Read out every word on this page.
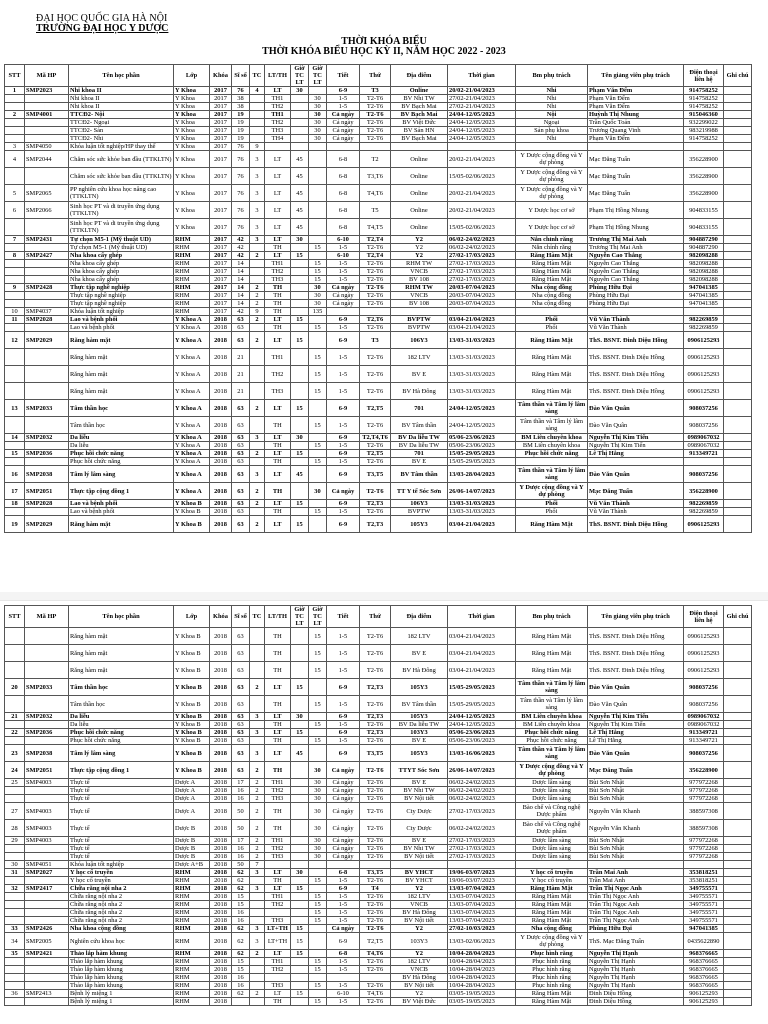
ĐẠI HỌC QUỐC GIA HÀ NỘI
TRƯỜNG ĐẠI HỌC Y DƯỢC
THỜI KHÓA BIỂU
THỜI KHÓA BIỂU HỌC KỲ II, NĂM HỌC 2022 - 2023
STT	Mã HP	Tên học phần	Lớp	Khóa	Sĩ số	TC	LT/TH	Giờ TC LT	Giờ TC LT	Tiết	Thứ	Địa điểm	Thời gian	Bm phụ trách	Tên giảng viên phụ trách	Điện thoại liên hệ	Ghi chú
1	SMP2023	Nhi khoa II	Y Khoa	2017	76	4	LT	30		6-9	T3	Online	20/02-21/04/2023	Nhi	Phạm Văn Đếm	914758252	
		Nhi khoa II	Y Khoa	2017	38		TH1		30	1-5	T2-T6	BV Nhi TW	27/02-21/04/2023	Nhi	Phạm Văn Đếm	914758252	
		Nhi khoa II	Y Khoa	2017	38		TH2		30	1-5	T2-T6	BV Bạch Mai	27/02-21/04/2023	Nhi	Phạm Văn Đếm	914758252	
2	SMP4001	TTCĐ2- Nội	Y Khoa	2017	19		TH1		30	Cả ngày	T2-T6	BV Bạch Mai	24/04-12/05/2023	Nội	Huỳnh Thị Nhung	915046360	
		TTCĐ2- Ngoại	Y Khoa	2017	19		TH2		30	Cả ngày	T2-T6	BV Việt Đức	24/04-12/05/2023	Ngoại	Trần Quốc Toản	932299022	
		TTCĐ2- Sản	Y Khoa	2017	19		TH3		30	Cả ngày	T2-T6	BV Sản HN	24/04-12/05/2023	Sản phụ khoa	Trương Quang Vinh	983219988	
		TTCĐ2- Nhi	Y Khoa	2017	19		TH4		30	Cả ngày	T2-T6	BV Bạch Mai	24/04-12/05/2023	Nhi	Phạm Văn Đếm	914758252	
3	SMP4050	Khóa luận tốt nghiệp/HP thay thế	Y Khoa	2017	76	9											
4	SMP2044	Chăm sóc sức khỏe ban đầu (TTKLTN)	Y Khoa	2017	76	3	LT	45		6-8	T2	Online	20/02-21/04/2023	Y Dược cộng đồng và Y dự phòng	Mạc Đăng Tuấn	356228900	
		Chăm sóc sức khỏe ban đầu (TTKLTN)	Y Khoa	2017	76	3	LT	45		6-8	T3,T6	Online	15/05-02/06/2023	Y Dược cộng đồng và Y dự phòng	Mạc Đăng Tuấn	356228900	
5	SMP2065	PP nghiên cứu khoa học nâng cao (TTKLTN)	Y Khoa	2017	76	3	LT	45		6-8	T4,T6	Online	20/02-21/04/2023	Y Dược cộng đồng và Y dự phòng	Mạc Đăng Tuấn	356228900	
6	SMP2066	Sinh học PT và di truyền ứng dụng (TTKLTN)	Y Khoa	2017	76	3	LT	45		6-8	T5	Online	20/02-21/04/2023	Y Dược học cơ sở	Phạm Thị Hồng Nhung	904833155	
		Sinh học PT và di truyền ứng dụng (TTKLTN)	Y Khoa	2017	76	3	LT	45		6-8	T4,T5	Online	15/05-02/06/2023	Y Dược học cơ sở	Phạm Thị Hồng Nhung	904833155	
7	SMP2431	Tự chọn M5-1 (Mỹ thuật UD)	RHM	2017	42	3	LT	30		6-10	T2,T4	Y2	06/02-24/02/2023	Nắn chỉnh răng	Trương Thị Mai Anh	904887290	
		Tự chọn M5-1 (Mỹ thuật UD)	RHM	2017	42		TH		15	1-5	T2-T6	Y2	06/02-24/02/2023	Nắn chỉnh răng	Trương Thị Mai Anh	904887290	
8	SMP2427	Nha khoa cấy ghép	RHM	2017	42	2	LT	15		6-10	T2,T4	Y2	27/02-17/03/2023	Răng Hàm Mặt	Nguyễn Cao Thắng	982098288	
		Nha khoa cấy ghép	RHM	2017	14		TH1		15	1-5	T2-T6	RHM TW	27/02-17/03/2023	Răng Hàm Mặt	Nguyễn Cao Thắng	982098288	
		Nha khoa cấy ghép	RHM	2017	14		TH2		15	1-5	T2-T6	VNCB	27/02-17/03/2023	Răng Hàm Mặt	Nguyễn Cao Thắng	982098288	
		Nha khoa cấy ghép	RHM	2017	14		TH3		15	1-5	T2-T6	BV 108	27/02-17/03/2023	Răng Hàm Mặt	Nguyễn Cao Thắng	982098288	
9	SMP2428	Thực tập nghề nghiệp	RHM	2017	14	2	TH		30	Cả ngày	T2-T6	RHM TW	20/03-07/04/2023	Nha cộng đồng	Phùng Hữu Đại	947041385	
		Thực tập nghề nghiệp	RHM	2017	14	2	TH		30	Cả ngày	T2-T6	VNCB	20/03-07/04/2023	Nha cộng đồng	Phùng Hữu Đại	947041385	
		Thực tập nghề nghiệp	RHM	2017	14	2	TH		30	Cả ngày	T2-T6	BV 108	20/03-07/04/2023	Nha cộng đồng	Phùng Hữu Đại	947041385	
10	SMP4037	Khóa luận tốt nghiệp	RHM	2017	42	9	TH		135								
11	SMP2028	Lao và bệnh phổi	Y Khoa A	2018	63	2	LT	15		6-9	T2,T6	BVPTW	03/04-21/04/2023	Phổi	Vũ Văn Thành	982269859	
		Lao và bệnh phổi	Y Khoa A	2018	63		TH		15	1-5	T2-T6	BVPTW	03/04-21/04/2023	Phổi	Vũ Văn Thành	982269859	
12	SMP2029	Răng hàm mặt	Y Khoa A	2018	63	2	LT	15		6-9	T3	106Y3	13/03-31/03/2023	Răng Hàm Mặt	ThS. BSNT. Đinh Diệu Hồng	0906125293	
		Răng hàm mặt	Y Khoa A	2018	21		TH1		15	1-5	T2-T6	182 LTV	13/03-31/03/2023	Răng Hàm Mặt	ThS. BSNT. Đinh Diệu Hồng	0906125293	
		Răng hàm mặt	Y Khoa A	2018	21		TH2		15	1-5	T2-T6	BV E	13/03-31/03/2023	Răng Hàm Mặt	ThS. BSNT. Đinh Diệu Hồng	0906125293	
		Răng hàm mặt	Y Khoa A	2018	21		TH3		15	1-5	T2-T6	BV Hà Đông	13/03-31/03/2023	Răng Hàm Mặt	ThS. BSNT. Đinh Diệu Hồng	0906125293	
13	SMP2033	Tâm thần học	Y Khoa A	2018	63	2	LT	15		6-9	T2,T5	701	24/04-12/05/2023	Tâm thần và Tâm lý lâm sàng	Đào Văn Quân	908037256	
		Tâm thần học	Y Khoa A	2018	63		TH		15	1-5	T2-T6	BV Tâm thần	24/04-12/05/2023	Tâm thần và Tâm lý lâm sàng	Đào Văn Quân	908037256	
14	SMP2032	Da liễu	Y Khoa A	2018	63	3	LT	30		6-9	T2,T4,T6	BV Da liễu TW	05/06-23/06/2023	BM Liên chuyên khoa	Nguyễn Thị Kim Tiến	0989067032	
		Da liễu	Y Khoa A	2018	63		TH		15	1-5	T2-T6	BV Da liễu TW	05/06-23/06/2023	BM Liên chuyên khoa	Nguyễn Thị Kim Tiến	0989067032	
15	SMP2036	Phục hồi chức năng	Y Khoa A	2018	63	2	LT	15		6-9	T2,T5	701	15/05-29/05/2023	Phục hồi chức năng	Lê Thị Hằng	913349721	
		Phục hồi chức năng	Y Khoa A	2018	63		TH		15	1-5	T2-T6	BV E	15/05-29/05/2023				
16	SMP2038	Tâm lý lâm sàng	Y Khoa A	2018	63	3	LT	45		6-9	T3,T5	BV Tâm thần	13/03-28/04/2023	Tâm thần và Tâm lý lâm sàng	Đào Văn Quân	908037256	
17	SMP2051	Thực tập cộng đồng 1	Y Khoa A	2018	63	2	TH		30	Cả ngày	T2-T6	TT Y tế Sóc Sơn	26/06-14/07/2023	Y Dược cộng đồng và Y dự phòng	Mạc Đăng Tuấn	356228900	
18	SMP2028	Lao và bệnh phổi	Y Khoa B	2018	63	2	LT	15		6-9	T2,T3	106Y3	13/03-31/03/2023	Phổi	Vũ Văn Thành	982269859	
		Lao và bệnh phổi	Y Khoa B	2018	63		TH		15	1-5	T2-T6	BVPTW	13/03-31/03/2023	Phổi	Vũ Văn Thành	982269859	
19	SMP2029	Răng hàm mặt	Y Khoa B	2018	63	2	LT	15		6-9	T2,T3	105Y3	03/04-21/04/2023	Răng Hàm Mặt	ThS. BSNT. Đinh Diệu Hồng	0906125293	
STT	Mã HP	Tên học phần	Lớp	Khóa	Sĩ số	TC	LT/TH	Giờ TC LT	Giờ TC LT	Tiết	Thứ	Địa điểm	Thời gian	Bm phụ trách	Tên giảng viên phụ trách	Điện thoại liên hệ	Ghi chú
		Răng hàm mặt	Y Khoa B	2018	63		TH		15	1-5	T2-T6	182 LTV	03/04-21/04/2023	Răng Hàm Mặt	ThS. BSNT. Đinh Diệu Hồng	0906125293	
		Răng hàm mặt	Y Khoa B	2018	63		TH		15	1-5	T2-T6	BV E	03/04-21/04/2023	Răng Hàm Mặt	ThS. BSNT. Đinh Diệu Hồng	0906125293	
		Răng hàm mặt	Y Khoa B	2018	63		TH		15	1-5	T2-T6	BV Hà Đông	03/04-21/04/2023	Răng Hàm Mặt	ThS. BSNT. Đinh Diệu Hồng	0906125293	
20	SMP2033	Tâm thần học	Y Khoa B	2018	63	2	LT	15		6-9	T2,T3	105Y3	15/05-29/05/2023	Tâm thần và Tâm lý lâm sàng	Đào Văn Quân	908037256	
		Tâm thần học	Y Khoa B	2018	63		TH		15	1-5	T2-T6	BV Tâm thần	15/05-29/05/2023	Tâm thần và Tâm lý lâm sàng	Đào Văn Quân	908037256	
21	SMP2032	Da liễu	Y Khoa B	2018	63	3	LT	30		6-9	T2,T3	105Y3	24/04-12/05/2023	BM Liên chuyên khoa	Nguyễn Thị Kim Tiến	0989067032	
		Da liễu	Y Khoa B	2018	63		TH		15	1-5	T2-T6	BV Da liễu TW	24/04-12/05/2023	BM Liên chuyên khoa	Nguyễn Thị Kim Tiến	0989067032	
22	SMP2036	Phục hồi chức năng	Y Khoa B	2018	63	3	LT	15		6-9	T2,T3	103Y3	05/06-23/06/2023	Phục hồi chức năng	Lê Thị Hằng	913349721	
		Phục hồi chức năng	Y Khoa B	2018	63		TH		15	1-5	T2-T6	BV E	05/06-23/06/2023	Phục hồi chức năng	Lê Thị Hằng	913349721	
23	SMP2038	Tâm lý lâm sàng	Y Khoa B	2018	63	3	LT	45		6-9	T3,T5	105Y3	13/03-16/06/2023	Tâm thần và Tâm lý lâm sàng	Đào Văn Quân	908037256	
24	SMP2051	Thực tập cộng đồng 1	Y Khoa B	2018	63	2	TH		30	Cả ngày	T2-T6	TTYT Sóc Sơn	26/06-14/07/2023	Y Dược cộng đồng và Y dự phòng	Mạc Đăng Tuấn	356228900	
25	SMP4003	Thực tế	Dược A	2018	17	2	TH1		30	Cả ngày	T2-T6	BV E	06/02-24/02/2023	Dược lâm sàng	Bùi Sơn Nhật	977972268	
		Thực tế	Dược A	2018	16	2	TH2		30	Cả ngày	T2-T6	BV Nhi TW	06/02-24/02/2023	Dược lâm sàng	Bùi Sơn Nhật	977972268	
		Thực tế	Dược A	2018	16	2	TH3		30	Cả ngày	T2-T6	BV Nội tiết	06/02-24/02/2023	Dược lâm sàng	Bùi Sơn Nhật	977972268	
27	SMP4003	Thực tế	Dược A	2018	50	2	TH		30	Cả ngày	T2-T6	Cty Dược	27/02-17/03/2023	Bào chế và Công nghệ Dược phẩm	Nguyễn Văn Khanh	388597308	
28	SMP4003	Thực tế	Dược B	2018	50	2	TH		30	Cả ngày	T2-T6	Cty Dược	06/02-24/02/2023	Bào chế và Công nghệ Dược phẩm	Nguyễn Văn Khanh	388597308	
29	SMP4003	Thực tế	Dược B	2018	17	2	TH1		30	Cả ngày	T2-T6	BV E	27/02-17/03/2023	Dược lâm sàng	Bùi Sơn Nhật	977972268	
		Thực tế	Dược B	2018	16	2	TH2		30	Cả ngày	T2-T6	BV Nhi TW	27/02-17/03/2023	Dược lâm sàng	Bùi Sơn Nhật	977972268	
		Thực tế	Dược B	2018	16	2	TH3		30	Cả ngày	T2-T6	BV Nội tiết	27/02-17/03/2023	Dược lâm sàng	Bùi Sơn Nhật	977972268	
30	SMP4051	Khóa luận tốt nghiệp	Dược A+B	2018	50	7											
31	SMP2027	Y học cổ truyền	RHM	2018	62	3	LT	30		6-8	T3,T5	BV YHCT	19/06-03/07/2023	Y học cổ truyền	Trần Mai Anh	353818251	
		Y học cổ truyền	RHM	2018	62		TH		15	1-5	T2-T6	BV YHCT	19/06-03/07/2023	Y học cổ truyền	Trần Mai Anh	353818251	
32	SMP2417	Chữa răng nội nha 2	RHM	2018	62	3	LT	15		6-9	T4	Y2	13/03-07/04/2023	Răng Hàm Mặt	Trần Thị Ngọc Anh	349755571	
		Chữa răng nội nha 2	RHM	2018	15		TH1		15	1-5	T2-T6	182 LTV	13/03-07/04/2023	Răng Hàm Mặt	Trần Thị Ngọc Anh	349755571	
		Chữa răng nội nha 2	RHM	2018	15		TH2		15	1-5	T2-T6	VNCB	13/03-07/04/2023	Răng Hàm Mặt	Trần Thị Ngọc Anh	349755571	
		Chữa răng nội nha 2	RHM	2018	16				15	1-5	T2-T6	BV Hà Đông	13/03-07/04/2023	Răng Hàm Mặt	Trần Thị Ngọc Anh	349755571	
		Chữa răng nội nha 2	RHM	2018	16		TH3		15	1-5	T2-T6	BV Nội tiết	13/03-07/04/2023	Răng Hàm Mặt	Trần Thị Ngọc Anh	349755571	
33	SMP2426	Nha khoa cộng đồng	RHM	2018	62	3	LT+TH	15		Cả ngày	T2-T6	Y2	27/02-10/03/2023	Nha cộng đồng	Phùng Hữu Đại	947041385	
34	SMP2005	Nghiên cứu khoa học	RHM	2018	62	3	LT+TH	15		6-9	T2,T5	103Y3	13/03-02/06/2023	Y Dược cộng đồng và Y dự phòng	ThS. Mạc Đăng Tuấn	0435622890	
35	SMP2421	Thảo lắp hàm khung	RHM	2018	62	2	LT	15		6-8	T4,T6	Y2	10/04-28/04/2023	Phục hình răng	Nguyễn Thị Hạnh	968376665	
		Thảo lắp hàm khung	RHM	2018	15		TH1		15	1-5	T2-T6	182 LTV	10/04-28/04/2023	Phục hình răng	Nguyễn Thị Hạnh	968376665	
		Thảo lắp hàm khung	RHM	2018	15		TH2		15	1-5	T2-T6	VNCB	10/04-28/04/2023	Phục hình răng	Nguyễn Thị Hạnh	968376665	
		Thảo lắp hàm khung	RHM	2018	16							BV Hà Đông	10/04-28/04/2023	Phục hình răng	Nguyễn Thị Hạnh	968376665	
		Thảo lắp hàm khung	RHM	2018	16		TH3		15	1-5	T2-T6	BV Nội tiết	10/04-28/04/2023	Phục hình răng	Nguyễn Thị Hạnh	968376665	
36	SMP2413	Bệnh lý miệng 1	RHM	2018	62	2	LT	15		6-10	T4,T6	Y2	03/05-19/05/2023	Răng Hàm Mặt	Đinh Diệu Hồng	906125293	
		Bệnh lý miệng 1	RHM	2018			TH		15	1-5	T2-T6	BV Việt Đức	03/05-19/05/2023	Răng Hàm Mặt	Đinh Diệu Hồng	906125293	
